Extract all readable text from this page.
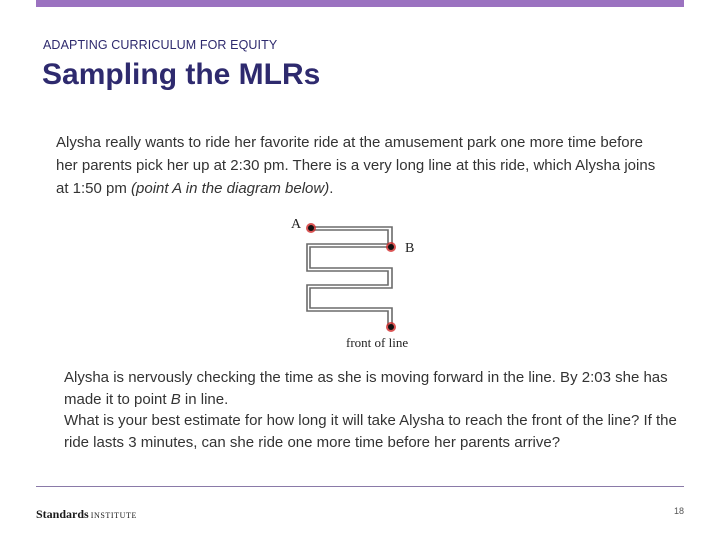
ADAPTING CURRICULUM FOR EQUITY
Sampling the MLRs

Alysha really wants to ride her favorite ride at the amusement park one more time before her parents pick her up at 2:30 pm. There is a very long line at this ride, which Alysha joins at 1:50 pm (point A in the diagram below).

A
B
front of line

Alysha is nervously checking the time as she is moving forward in the line. By 2:03 she has made it to point B in line.
What is your best estimate for how long it will take Alysha to reach the front of the line? If the ride lasts 3 minutes, can she ride one more time before her parents arrive?

Standards INSTITUTE	18
